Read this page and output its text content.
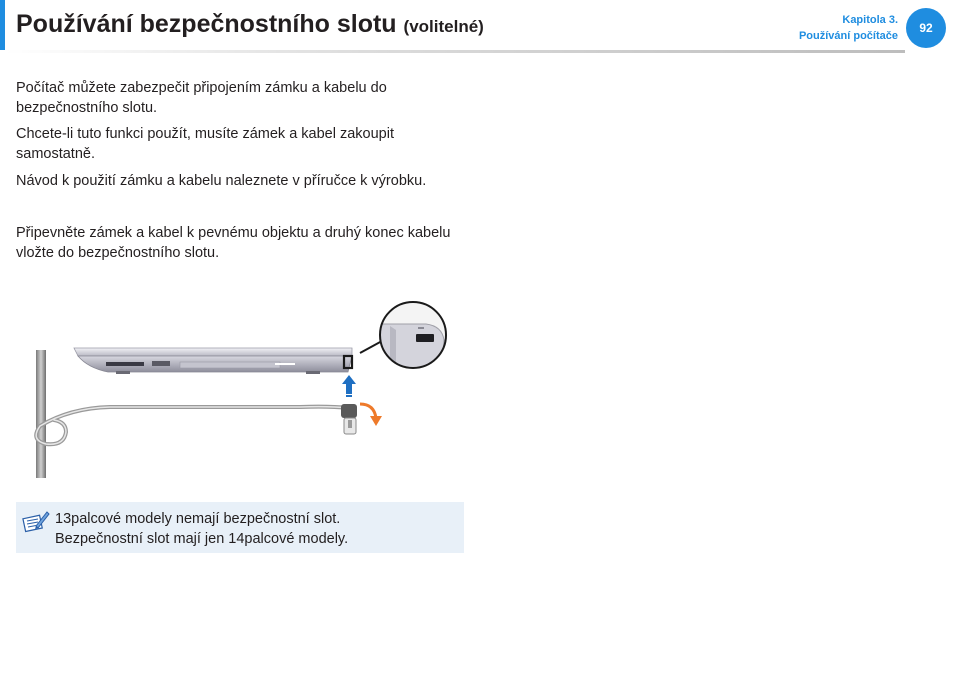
Používání bezpečnostního slotu (volitelné)	Kapitola 3.
Používání počítače
92

Počítač můžete zabezpečit připojením zámku a kabelu do bezpečnostního slotu.

Chcete-li tuto funkci použít, musíte zámek a kabel zakoupit samostatně.

Návod k použití zámku a kabelu naleznete v příručce k výrobku.

Připevněte zámek a kabel k pevnému objektu a druhý konec kabelu vložte do bezpečnostního slotu.

13palcové modely nemají bezpečnostní slot.
Bezpečnostní slot mají jen 14palcové modely.
